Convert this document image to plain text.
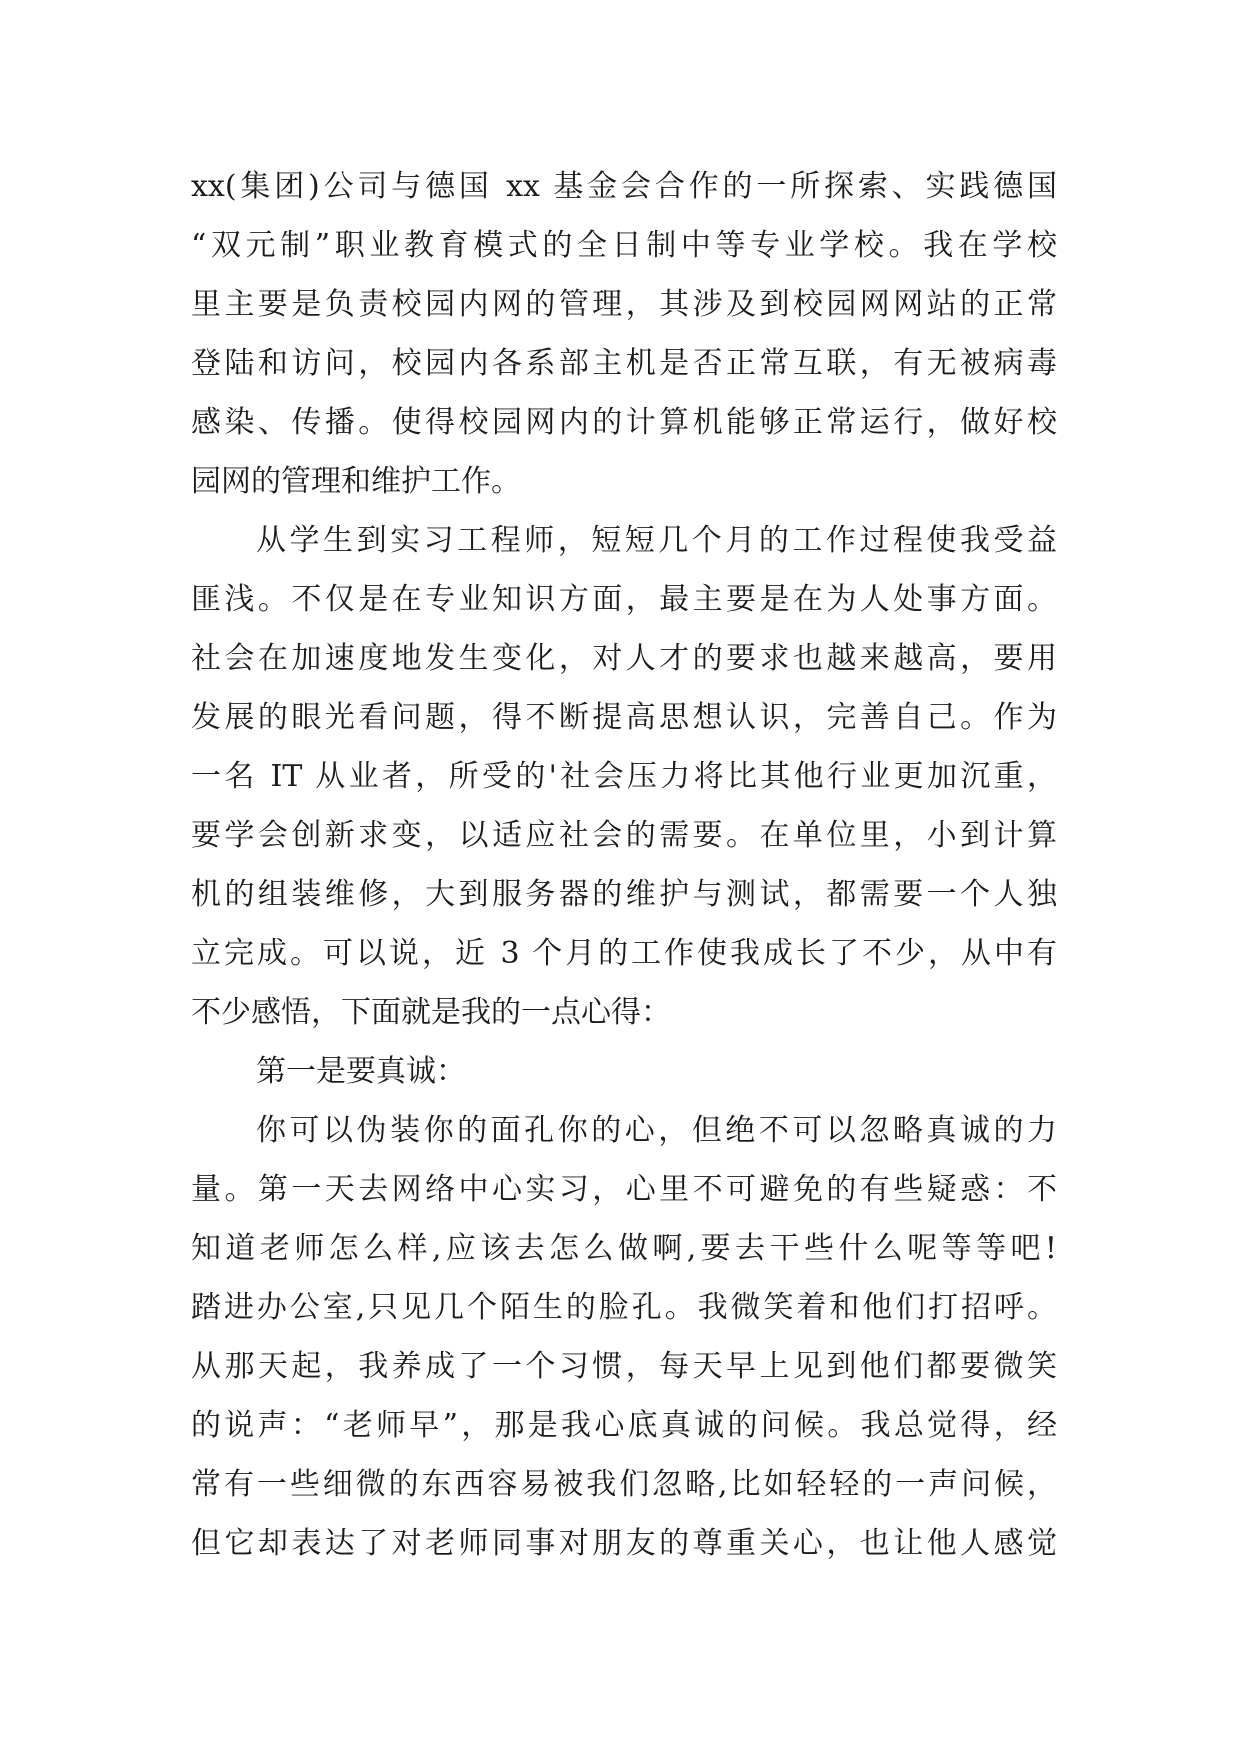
xx(集团)公司与德国 xx 基金会合作的一所探索、实践德国
“双元制”职业教育模式的全日制中等专业学校。我在学校
里主要是负责校园内网的管理，其涉及到校园网网站的正常
登陆和访问，校园内各系部主机是否正常互联，有无被病毒
感染、传播。使得校园网内的计算机能够正常运行，做好校
园网的管理和维护工作。
从学生到实习工程师，短短几个月的工作过程使我受益
匪浅。不仅是在专业知识方面，最主要是在为人处事方面。
社会在加速度地发生变化，对人才的要求也越来越高，要用
发展的眼光看问题，得不断提高思想认识，完善自己。作为
一名 IT 从业者，所受的'社会压力将比其他行业更加沉重，
要学会创新求变，以适应社会的需要。在单位里，小到计算
机的组装维修，大到服务器的维护与测试，都需要一个人独
立完成。可以说，近 3 个月的工作使我成长了不少，从中有
不少感悟，下面就是我的一点心得：
第一是要真诚：
你可以伪装你的面孔你的心，但绝不可以忽略真诚的力
量。第一天去网络中心实习，心里不可避免的有些疑惑：不
知道老师怎么样,应该去怎么做啊,要去干些什么呢等等吧!
踏进办公室,只见几个陌生的脸孔。我微笑着和他们打招呼。
从那天起，我养成了一个习惯，每天早上见到他们都要微笑
的说声：“老师早”，那是我心底真诚的问候。我总觉得，经
常有一些细微的东西容易被我们忽略,比如轻轻的一声问候，
但它却表达了对老师同事对朋友的尊重关心，也让他人感觉
